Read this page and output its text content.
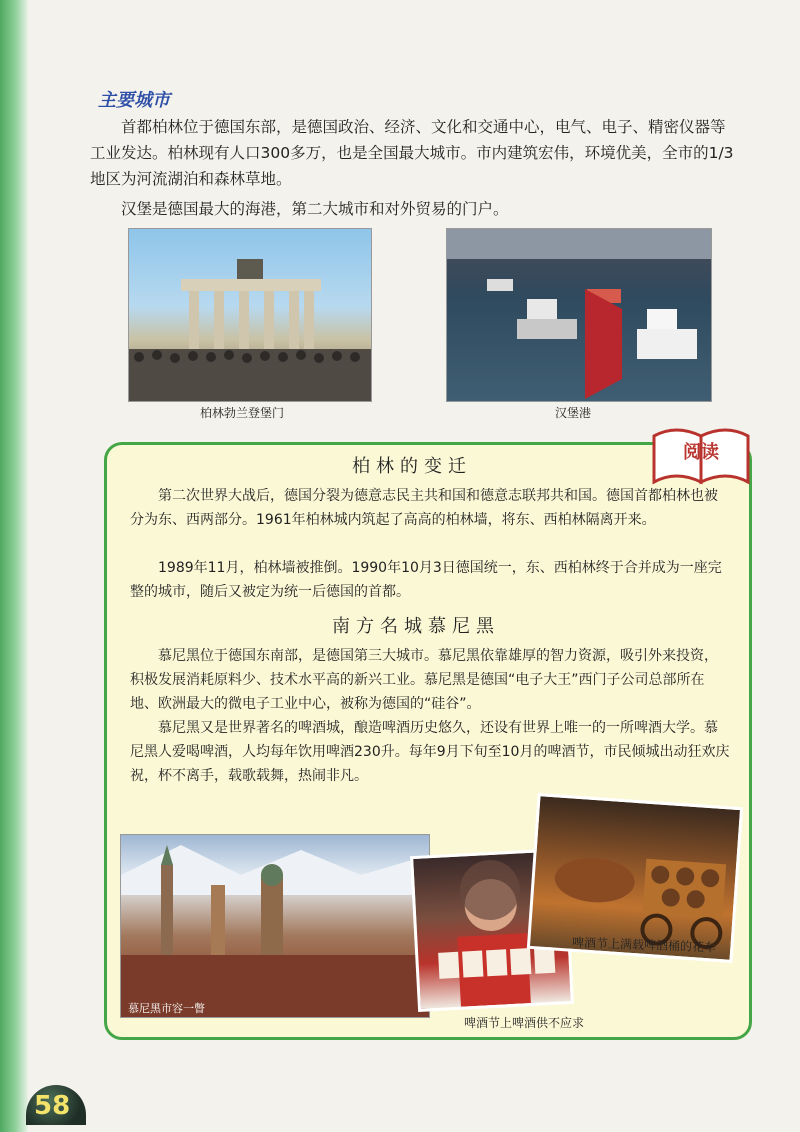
主要城市
首都柏林位于德国东部，是德国政治、经济、文化和交通中心，电气、电子、精密仪器等工业发达。柏林现有人口300多万，也是全国最大城市。市内建筑宏伟，环境优美，全市的1/3地区为河流湖泊和森林草地。
汉堡是德国最大的海港，第二大城市和对外贸易的门户。
柏林勃兰登堡门	汉堡港
阅读
柏林的变迁
第二次世界大战后，德国分裂为德意志民主共和国和德意志联邦共和国。德国首都柏林也被分为东、西两部分。1961年柏林城内筑起了高高的柏林墙，将东、西柏林隔离开来。
1989年11月，柏林墙被推倒。1990年10月3日德国统一，东、西柏林终于合并成为一座完整的城市，随后又被定为统一后德国的首都。
南方名城慕尼黑
慕尼黑位于德国东南部，是德国第三大城市。慕尼黑依靠雄厚的智力资源，吸引外来投资，积极发展消耗原料少、技术水平高的新兴工业。慕尼黑是德国“电子大王”西门子公司总部所在地、欧洲最大的微电子工业中心，被称为德国的“硅谷”。
慕尼黑又是世界著名的啤酒城，酿造啤酒历史悠久，还设有世界上唯一的一所啤酒大学。慕尼黑人爱喝啤酒，人均每年饮用啤酒230升。每年9月下旬至10月的啤酒节，市民倾城出动狂欢庆祝，杯不离手，载歌载舞，热闹非凡。
慕尼黑市容一瞥
啤酒节上啤酒供不应求
啤酒节上满载啤酒桶的花车
58
